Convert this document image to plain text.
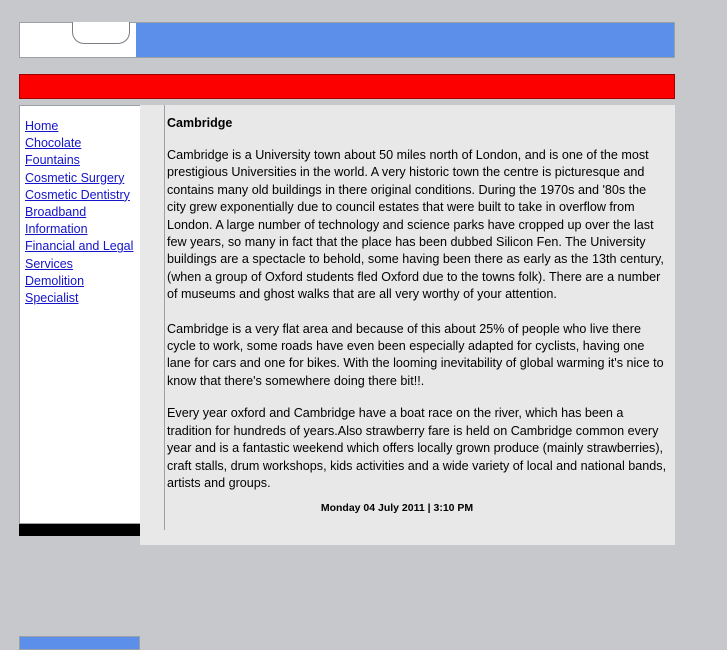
Home
Chocolate
Fountains
Cosmetic Surgery
Cosmetic Dentistry
Broadband
Information
Financial and Legal
Services
Demolition
Specialist
Cambridge

Cambridge is a University town about 50 miles north of London, and is one of the most prestigious Universities in the world. A very historic town the centre is picturesque and contains many old buildings in there original conditions. During the 1970s and '80s the city grew exponentially due to council estates that were built to take in overflow from London. A large number of technology and science parks have cropped up over the last few years, so many in fact that the place has been dubbed Silicon Fen. The University buildings are a spectacle to behold, some having been there as early as the 13th century, (when a group of Oxford students fled Oxford due to the towns folk). There are a number of museums and ghost walks that are all very worthy of your attention.

Cambridge is a very flat area and because of this about 25% of people who live there cycle to work, some roads have even been especially adapted for cyclists, having one lane for cars and one for bikes. With the looming inevitability of global warming it's nice to know that there's somewhere doing there bit!!.

Every year oxford and Cambridge have a boat race on the river, which has been a tradition for hundreds of years.Also strawberry fare is held on Cambridge common every year and is a fantastic weekend which offers locally grown produce (mainly strawberries), craft stalls, drum workshops, kids activities and a wide variety of local and national bands, artists and groups.

Monday 04 July 2011 | 3:10 PM
